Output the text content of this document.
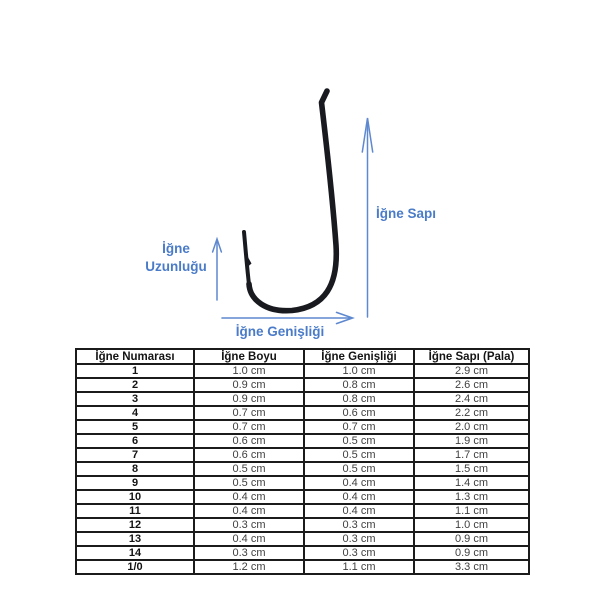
İğne Sapı
İğne
Uzunluğu
İğne Genişliği
İğne Numarası	İğne Boyu	İğne Genişliği	İğne Sapı (Pala)
1	1.0 cm	1.0 cm	2.9 cm
2	0.9 cm	0.8 cm	2.6 cm
3	0.9 cm	0.8 cm	2.4 cm
4	0.7 cm	0.6 cm	2.2 cm
5	0.7 cm	0.7 cm	2.0 cm
6	0.6 cm	0.5 cm	1.9 cm
7	0.6 cm	0.5 cm	1.7 cm
8	0.5 cm	0.5 cm	1.5 cm
9	0.5 cm	0.4 cm	1.4 cm
10	0.4 cm	0.4 cm	1.3 cm
11	0.4 cm	0.4 cm	1.1 cm
12	0.3 cm	0.3 cm	1.0 cm
13	0.4 cm	0.3 cm	0.9 cm
14	0.3 cm	0.3 cm	0.9 cm
1/0	1.2 cm	1.1 cm	3.3 cm
